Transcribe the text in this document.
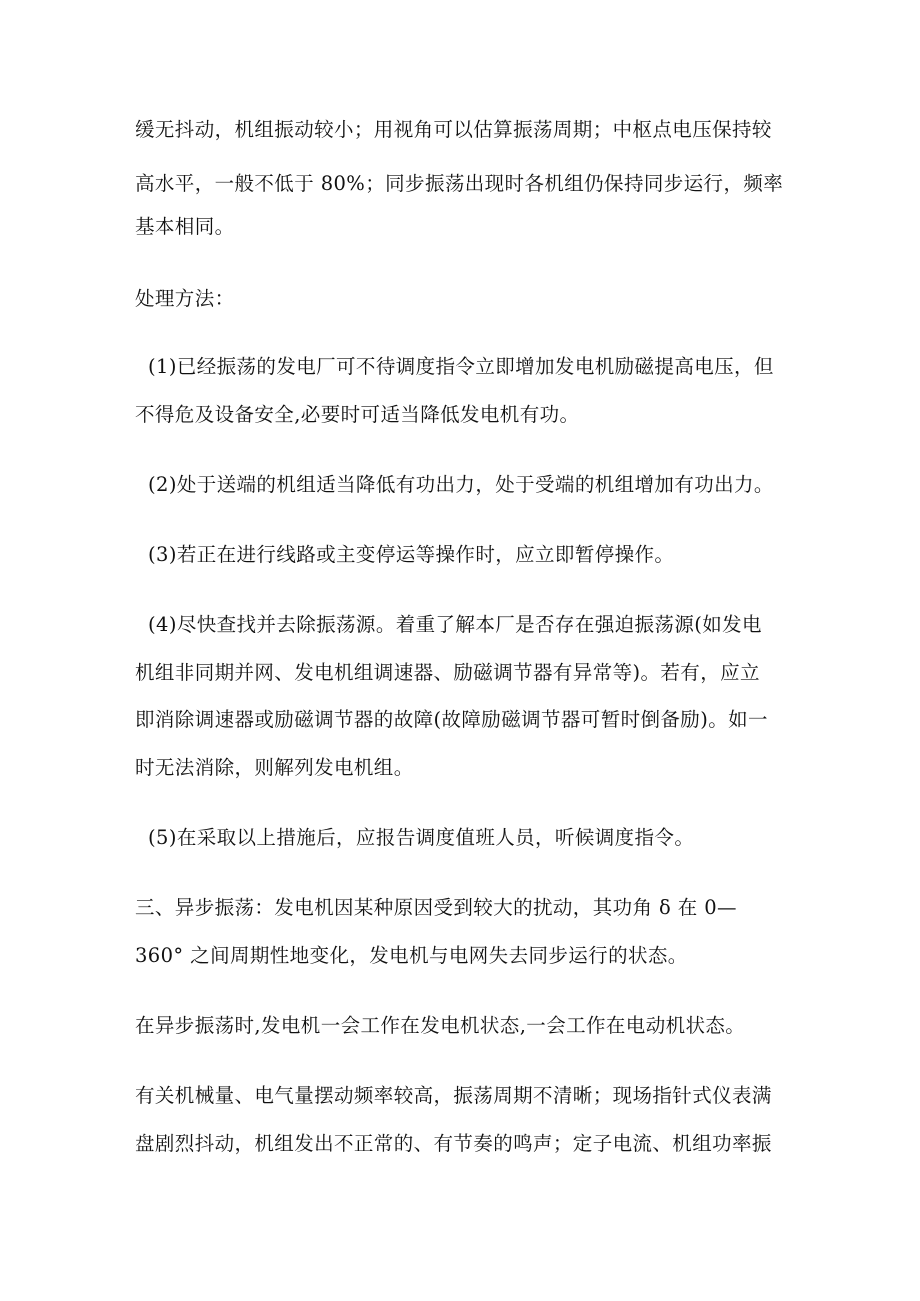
缓无抖动，机组振动较小；用视角可以估算振荡周期；中枢点电压保持较
高水平，一般不低于 80%；同步振荡出现时各机组仍保持同步运行，频率
基本相同。
处理方法：
(1)已经振荡的发电厂可不待调度指令立即增加发电机励磁提高电压，但
不得危及设备安全,必要时可适当降低发电机有功。
(2)处于送端的机组适当降低有功出力，处于受端的机组增加有功出力。
(3)若正在进行线路或主变停运等操作时，应立即暂停操作。
(4)尽快查找并去除振荡源。着重了解本厂是否存在强迫振荡源(如发电
机组非同期并网、发电机组调速器、励磁调节器有异常等)。若有，应立
即消除调速器或励磁调节器的故障(故障励磁调节器可暂时倒备励)。如一
时无法消除，则解列发电机组。
(5)在采取以上措施后，应报告调度值班人员，听候调度指令。
三、异步振荡：发电机因某种原因受到较大的扰动，其功角 δ 在 0—
360° 之间周期性地变化，发电机与电网失去同步运行的状态。
在异步振荡时,发电机一会工作在发电机状态,一会工作在电动机状态。
有关机械量、电气量摆动频率较高，振荡周期不清晰；现场指针式仪表满
盘剧烈抖动，机组发出不正常的、有节奏的鸣声；定子电流、机组功率振
